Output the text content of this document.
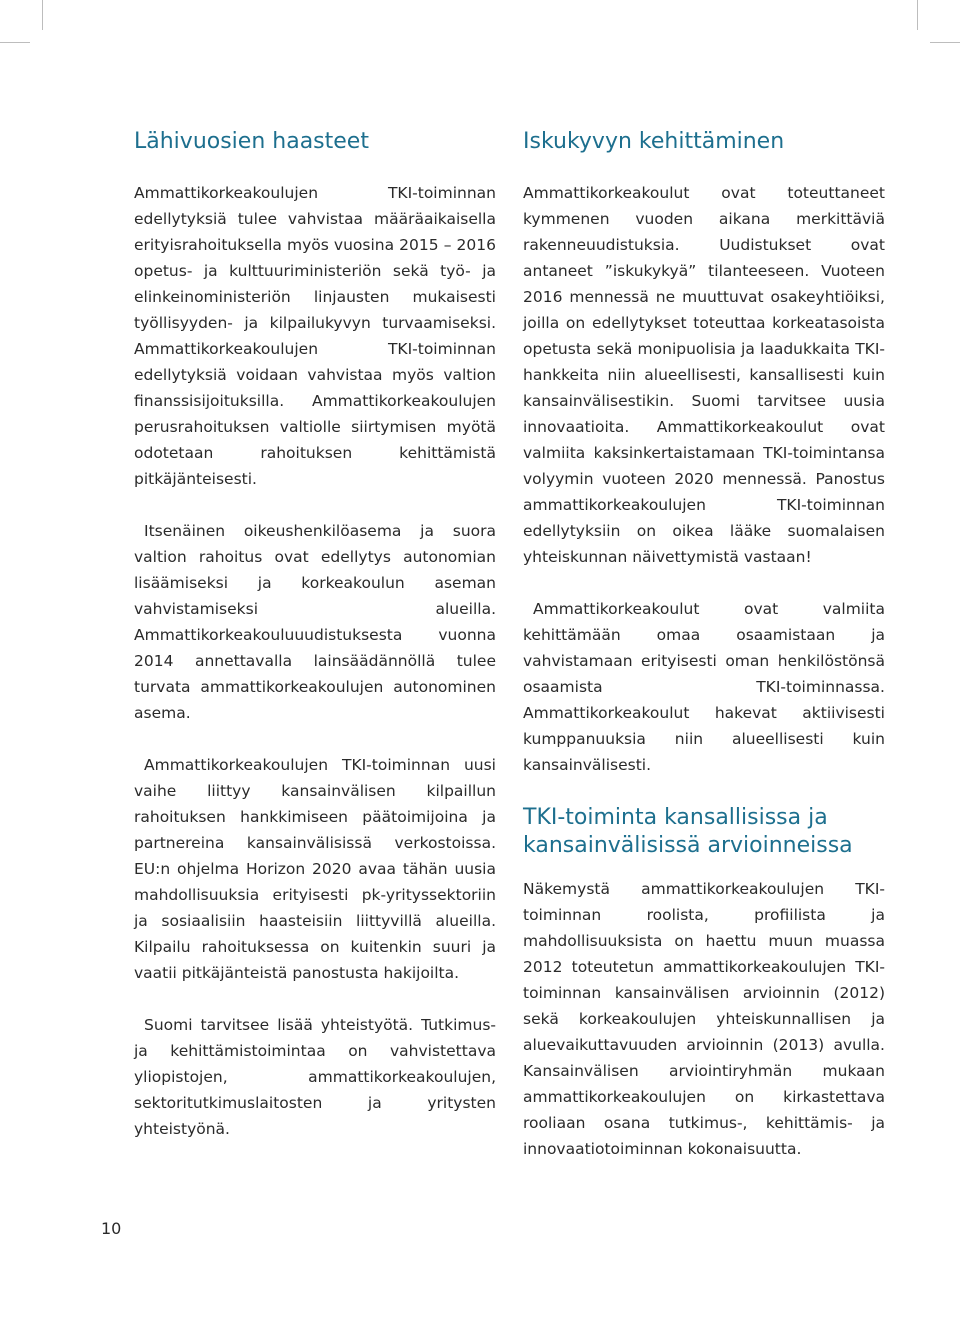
Lähivuosien haasteet

Ammattikorkeakoulujen TKI-toiminnan edellytyksiä tulee vahvistaa määräaikaisella erityisrahoituksella myös vuosina 2015 – 2016 opetus- ja kulttuuriministeriön sekä työ- ja elinkeinoministeriön linjausten mukaisesti työllisyyden- ja kilpailukyvyn turvaamiseksi. Ammattikorkeakoulujen TKI-toiminnan edellytyksiä voidaan vahvistaa myös valtion finanssisijoituksilla. Ammattikorkeakoulujen perusrahoituksen valtiolle siirtymisen myötä odotetaan rahoituksen kehittämistä pitkäjänteisesti.

Itsenäinen oikeushenkilöasema ja suora valtion rahoitus ovat edellytys autonomian lisäämiseksi ja korkeakoulun aseman vahvistamiseksi alueilla. Ammattikorkeakouluuudistuksesta vuonna 2014 annettavalla lainsäädännöllä tulee turvata ammattikorkeakoulujen autonominen asema.

Ammattikorkeakoulujen TKI-toiminnan uusi vaihe liittyy kansainvälisen kilpaillun rahoituksen hankkimiseen päätoimijoina ja partnereina kansainvälisissä verkostoissa. EU:n ohjelma Horizon 2020 avaa tähän uusia mahdollisuuksia erityisesti pk-yrityssektoriin ja sosiaalisiin haasteisiin liittyvillä alueilla. Kilpailu rahoituksessa on kuitenkin suuri ja vaatii pitkäjänteistä panostusta hakijoilta.

Suomi tarvitsee lisää yhteistyötä. Tutkimus- ja kehittämistoimintaa on vahvistettava yliopistojen, ammattikorkeakoulujen, sektoritutkimuslaitosten ja yritysten yhteistyönä.

Iskukyvyn kehittäminen

Ammattikorkeakoulut ovat toteuttaneet kymmenen vuoden aikana merkittäviä rakenneuudistuksia. Uudistukset ovat antaneet ”iskukykyä” tilanteeseen. Vuoteen 2016 mennessä ne muuttuvat osakeyhtiöiksi, joilla on edellytykset toteuttaa korkeatasoista opetusta sekä monipuolisia ja laadukkaita TKI-hankkeita niin alueellisesti, kansallisesti kuin kansainvälisestikin. Suomi tarvitsee uusia innovaatioita. Ammattikorkeakoulut ovat valmiita kaksinkertaistamaan TKI-toimintansa volyymin vuoteen 2020 mennessä. Panostus ammattikorkeakoulujen TKI-toiminnan edellytyksiin on oikea lääke suomalaisen yhteiskunnan näivettymistä vastaan!

Ammattikorkeakoulut ovat valmiita kehittämään omaa osaamistaan ja vahvistamaan erityisesti oman henkilöstönsä osaamista TKI-toiminnassa. Ammattikorkeakoulut hakevat aktiivisesti kumppanuuksia niin alueellisesti kuin kansainvälisesti.

TKI-toiminta kansallisissa ja kansainvälisissä arvioinneissa

Näkemystä ammattikorkeakoulujen TKI-toiminnan roolista, profiilista ja mahdollisuuksista on haettu muun muassa 2012 toteutetun ammattikorkeakoulujen TKI-toiminnan kansainvälisen arvioinnin (2012) sekä korkeakoulujen yhteiskunnallisen ja aluevaikuttavuuden arvioinnin (2013) avulla. Kansainvälisen arviointiryhmän mukaan ammattikorkeakoulujen on kirkastettava rooliaan osana tutkimus-, kehittämis- ja innovaatiotoiminnan kokonaisuutta.

10
